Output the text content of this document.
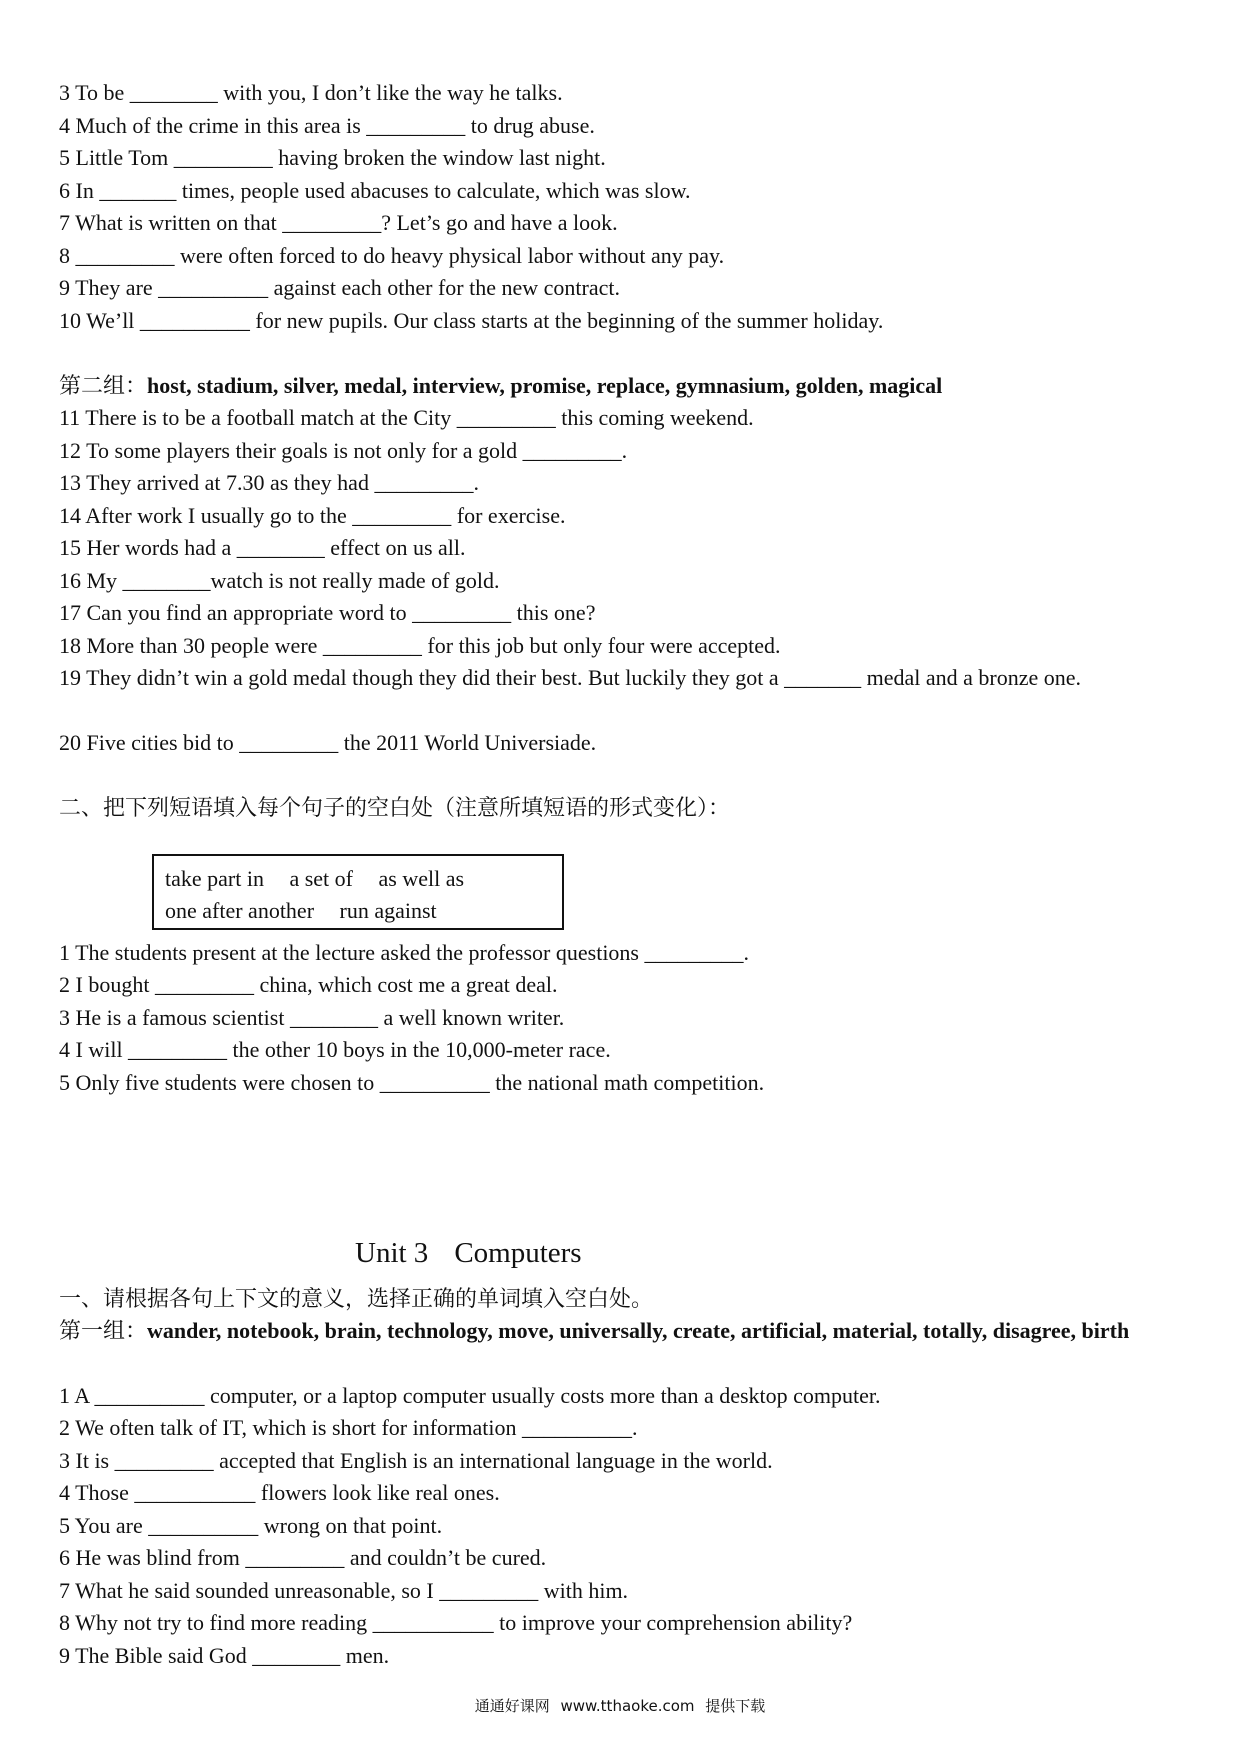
3 To be ________ with you, I don’t like the way he talks.
4 Much of the crime in this area is _________ to drug abuse.
5 Little Tom _________ having broken the window last night.
6 In _______ times, people used abacuses to calculate, which was slow.
7 What is written on that _________? Let’s go and have a look.
8 _________ were often forced to do heavy physical labor without any pay.
9 They are __________ against each other for the new contract.
10 We’ll __________ for new pupils. Our class starts at the beginning of the summer holiday.
第二组：host, stadium, silver, medal, interview, promise, replace, gymnasium, golden, magical
11 There is to be a football match at the City _________ this coming weekend.
12 To some players their goals is not only for a gold _________.
13 They arrived at 7.30 as they had _________.
14 After work I usually go to the _________ for exercise.
15 Her words had a ________ effect on us all.
16 My ________watch is not really made of gold.
17 Can you find an appropriate word to _________ this one?
18 More than 30 people were _________ for this job but only four were accepted.
19 They didn’t win a gold medal though they did their best. But luckily they got a _______ medal and a bronze one.
20 Five cities bid to _________ the 2011 World Universiade.
二、把下列短语填入每个句子的空白处（注意所填短语的形式变化）：
take part in a set of as well as
one after another run against
1 The students present at the lecture asked the professor questions _________.
2 I bought _________ china, which cost me a great deal.
3 He is a famous scientist ________ a well known writer.
4 I will _________ the other 10 boys in the 10,000-meter race.
5 Only five students were chosen to __________ the national math competition.
Unit 3 Computers
一、请根据各句上下文的意义，选择正确的单词填入空白处。
第一组：wander, notebook, brain, technology, move, universally, create, artificial, material, totally, disagree, birth
1 A __________ computer, or a laptop computer usually costs more than a desktop computer.
2 We often talk of IT, which is short for information __________.
3 It is _________ accepted that English is an international language in the world.
4 Those ___________ flowers look like real ones.
5 You are __________ wrong on that point.
6 He was blind from _________ and couldn’t be cured.
7 What he said sounded unreasonable, so I _________ with him.
8 Why not try to find more reading ___________ to improve your comprehension ability?
9 The Bible said God ________ men.
通通好课网 www.tthaoke.com 提供下载
